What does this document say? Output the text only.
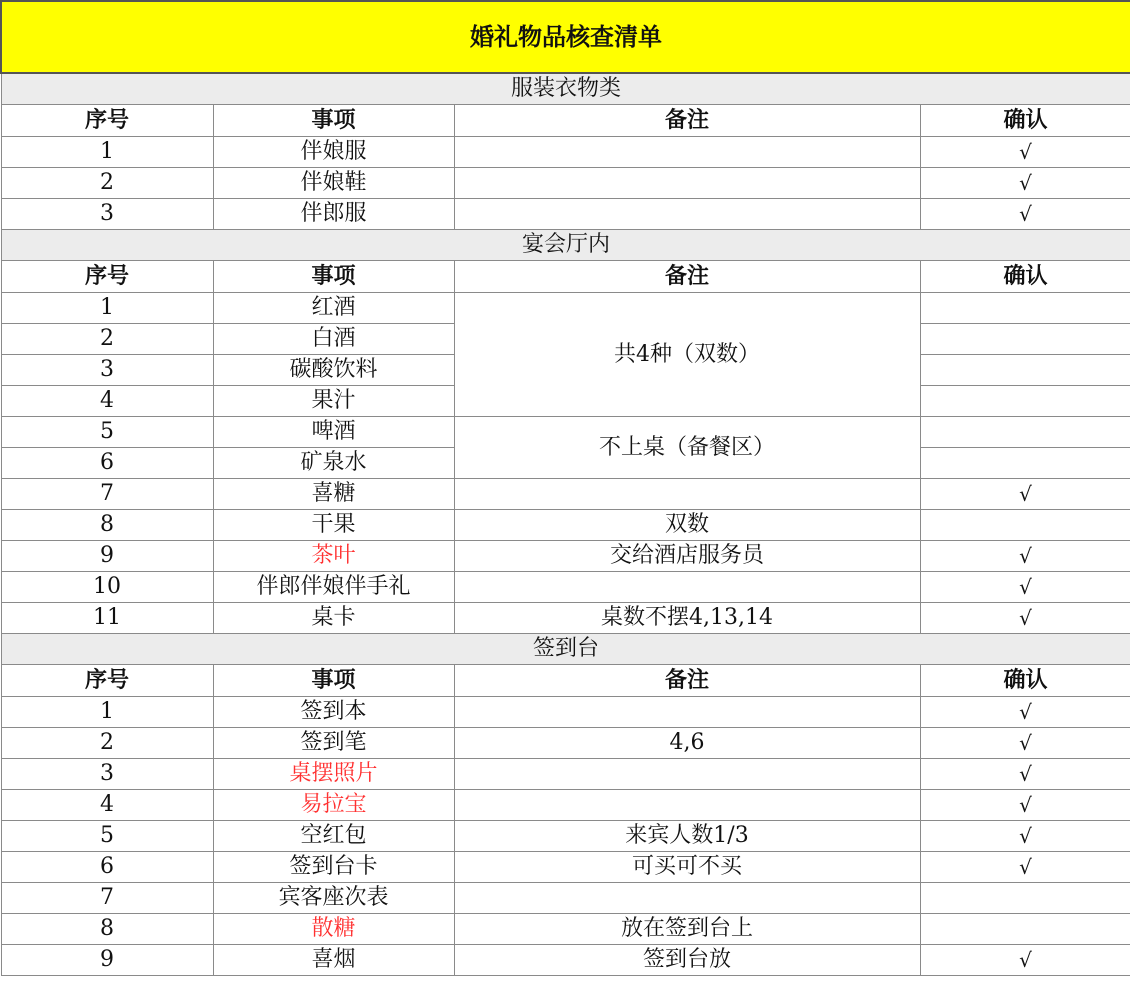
婚礼物品核查清单			
服装衣物类			
序号	事项	备注	确认
1	伴娘服		√
2	伴娘鞋		√
3	伴郎服		√
宴会厅内			
序号	事项	备注	确认
1	红酒	共4种（双数）	
2	白酒		
3	碳酸饮料		
4	果汁		
5	啤酒	不上桌（备餐区）	
6	矿泉水		
7	喜糖		√
8	干果	双数	
9	茶叶	交给酒店服务员	√
10	伴郎伴娘伴手礼		√
11	桌卡	桌数不摆4,13,14	√
签到台			
序号	事项	备注	确认
1	签到本		√
2	签到笔	4,6	√
3	桌摆照片		√
4	易拉宝		√
5	空红包	来宾人数1/3	√
6	签到台卡	可买可不买	√
7	宾客座次表		
8	散糖	放在签到台上	
9	喜烟	签到台放	√
